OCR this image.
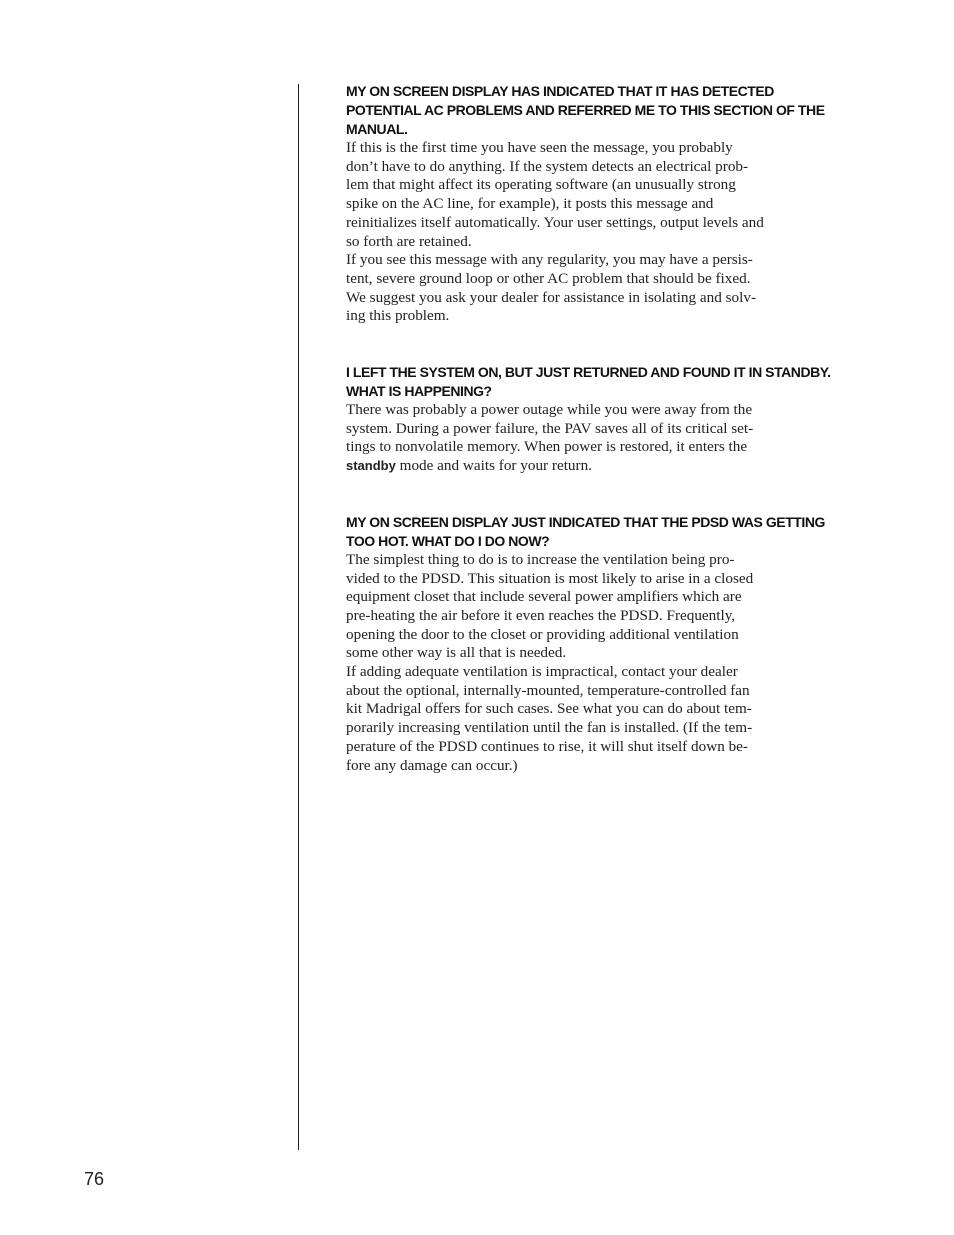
MY ON SCREEN DISPLAY HAS INDICATED THAT IT HAS DETECTED POTENTIAL AC PROBLEMS AND REFERRED ME TO THIS SECTION OF THE MANUAL.

If this is the first time you have seen the message, you probably
don’t have to do anything. If the system detects an electrical prob-
lem that might affect its operating software (an unusually strong
spike on the AC line, for example), it posts this message and
reinitializes itself automatically. Your user settings, output levels and
so forth are retained.

If you see this message with any regularity, you may have a persis-
tent, severe ground loop or other AC problem that should be fixed.
We suggest you ask your dealer for assistance in isolating and solv-
ing this problem.

I LEFT THE SYSTEM ON, BUT JUST RETURNED AND FOUND IT IN STANDBY. WHAT IS HAPPENING?

There was probably a power outage while you were away from the
system. During a power failure, the PAV saves all of its critical set-
tings to nonvolatile memory. When power is restored, it enters the
standby mode and waits for your return.

MY ON SCREEN DISPLAY JUST INDICATED THAT THE PDSD WAS GETTING TOO HOT. WHAT DO I DO NOW?

The simplest thing to do is to increase the ventilation being pro-
vided to the PDSD. This situation is most likely to arise in a closed
equipment closet that include several power amplifiers which are
pre-heating the air before it even reaches the PDSD. Frequently,
opening the door to the closet or providing additional ventilation
some other way is all that is needed.

If adding adequate ventilation is impractical, contact your dealer
about the optional, internally-mounted, temperature-controlled fan
kit Madrigal offers for such cases. See what you can do about tem-
porarily increasing ventilation until the fan is installed. (If the tem-
perature of the PDSD continues to rise, it will shut itself down be-
fore any damage can occur.)

76
